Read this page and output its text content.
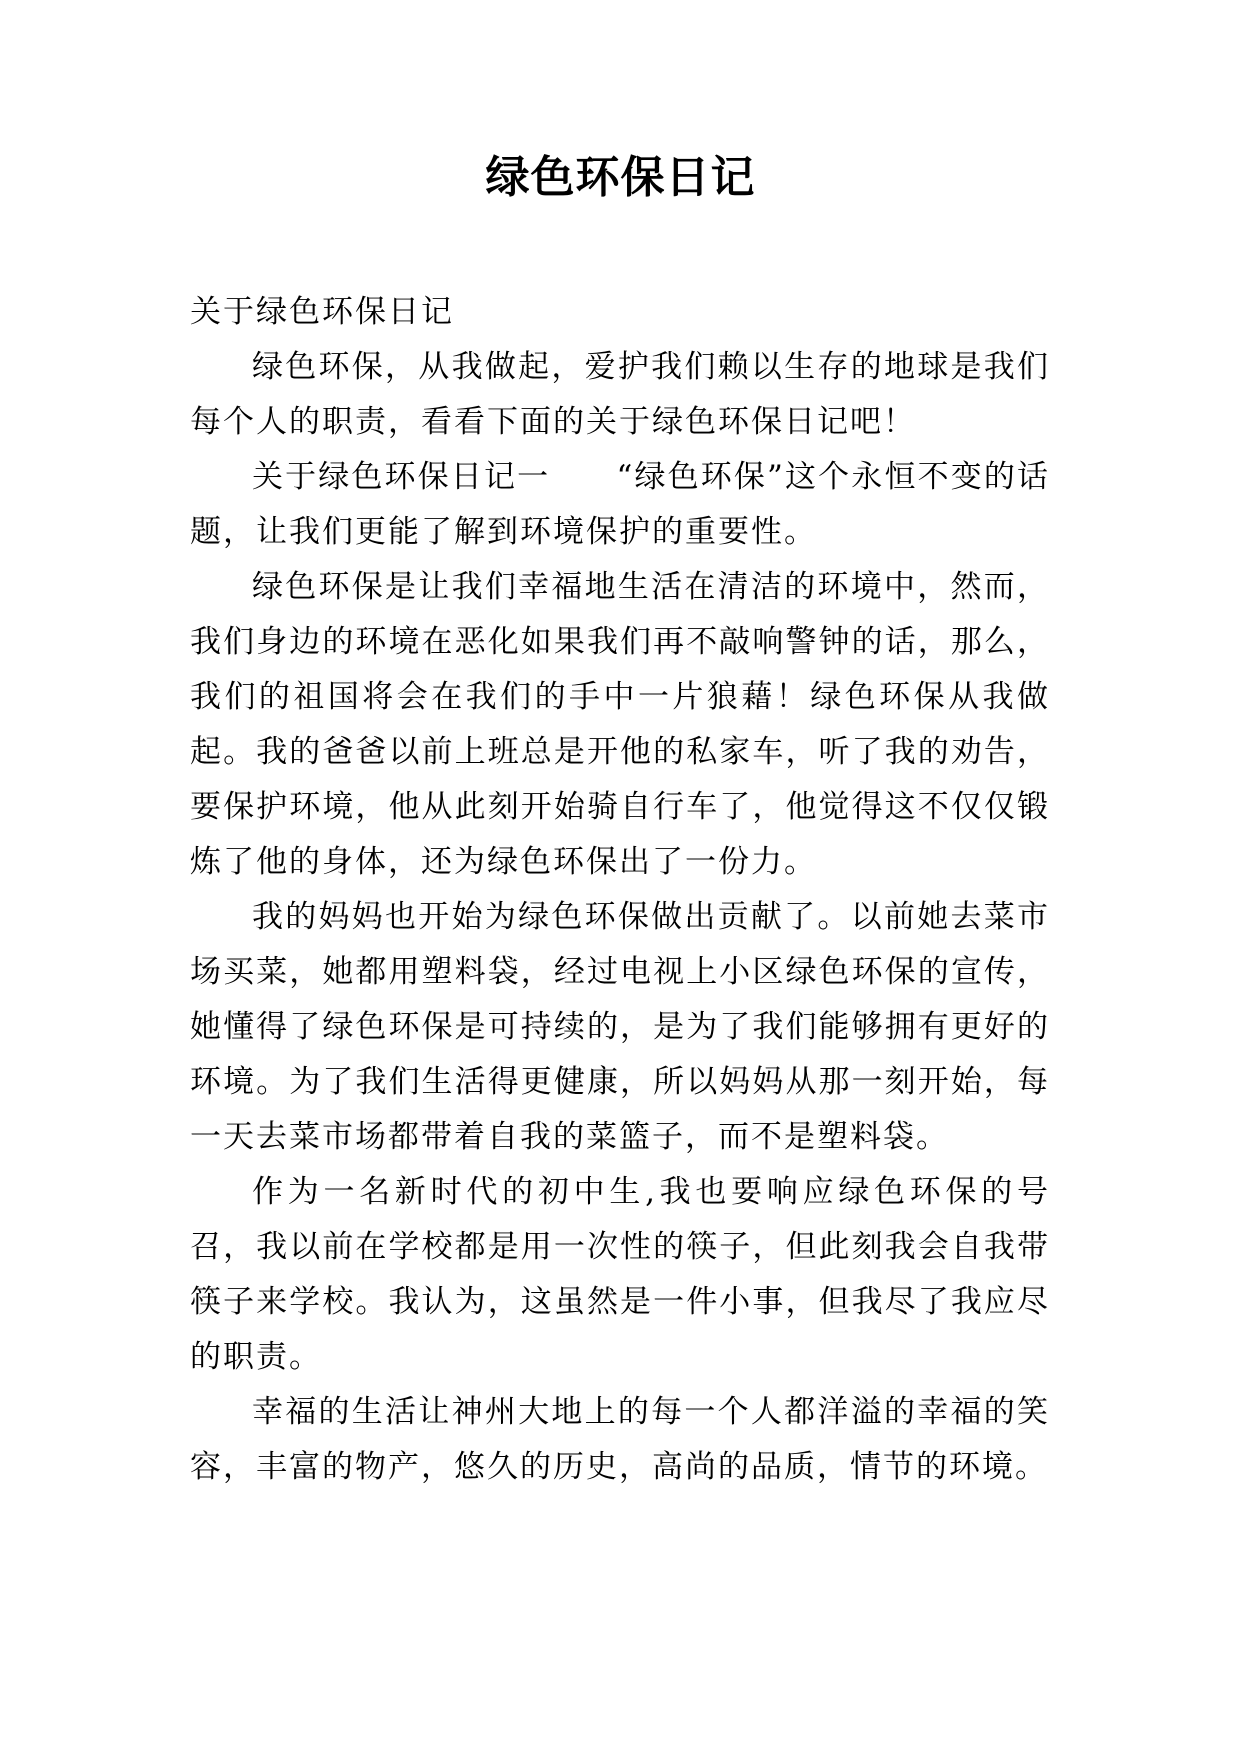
绿色环保日记

关于绿色环保日记

绿色环保，从我做起，爱护我们赖以生存的地球是我们每个人的职责，看看下面的关于绿色环保日记吧！

关于绿色环保日记一　　“绿色环保”这个永恒不变的话题，让我们更能了解到环境保护的重要性。

绿色环保是让我们幸福地生活在清洁的环境中，然而，我们身边的环境在恶化如果我们再不敲响警钟的话，那么，我们的祖国将会在我们的手中一片狼藉！绿色环保从我做起。我的爸爸以前上班总是开他的私家车，听了我的劝告，要保护环境，他从此刻开始骑自行车了，他觉得这不仅仅锻炼了他的身体，还为绿色环保出了一份力。

我的妈妈也开始为绿色环保做出贡献了。以前她去菜市场买菜，她都用塑料袋，经过电视上小区绿色环保的宣传，她懂得了绿色环保是可持续的，是为了我们能够拥有更好的环境。为了我们生活得更健康，所以妈妈从那一刻开始，每一天去菜市场都带着自我的菜篮子，而不是塑料袋。

作为一名新时代的初中生,我也要响应绿色环保的号召，我以前在学校都是用一次性的筷子，但此刻我会自我带筷子来学校。我认为，这虽然是一件小事，但我尽了我应尽的职责。

幸福的生活让神州大地上的每一个人都洋溢的幸福的笑容，丰富的物产，悠久的历史，高尚的品质，情节的环境。
